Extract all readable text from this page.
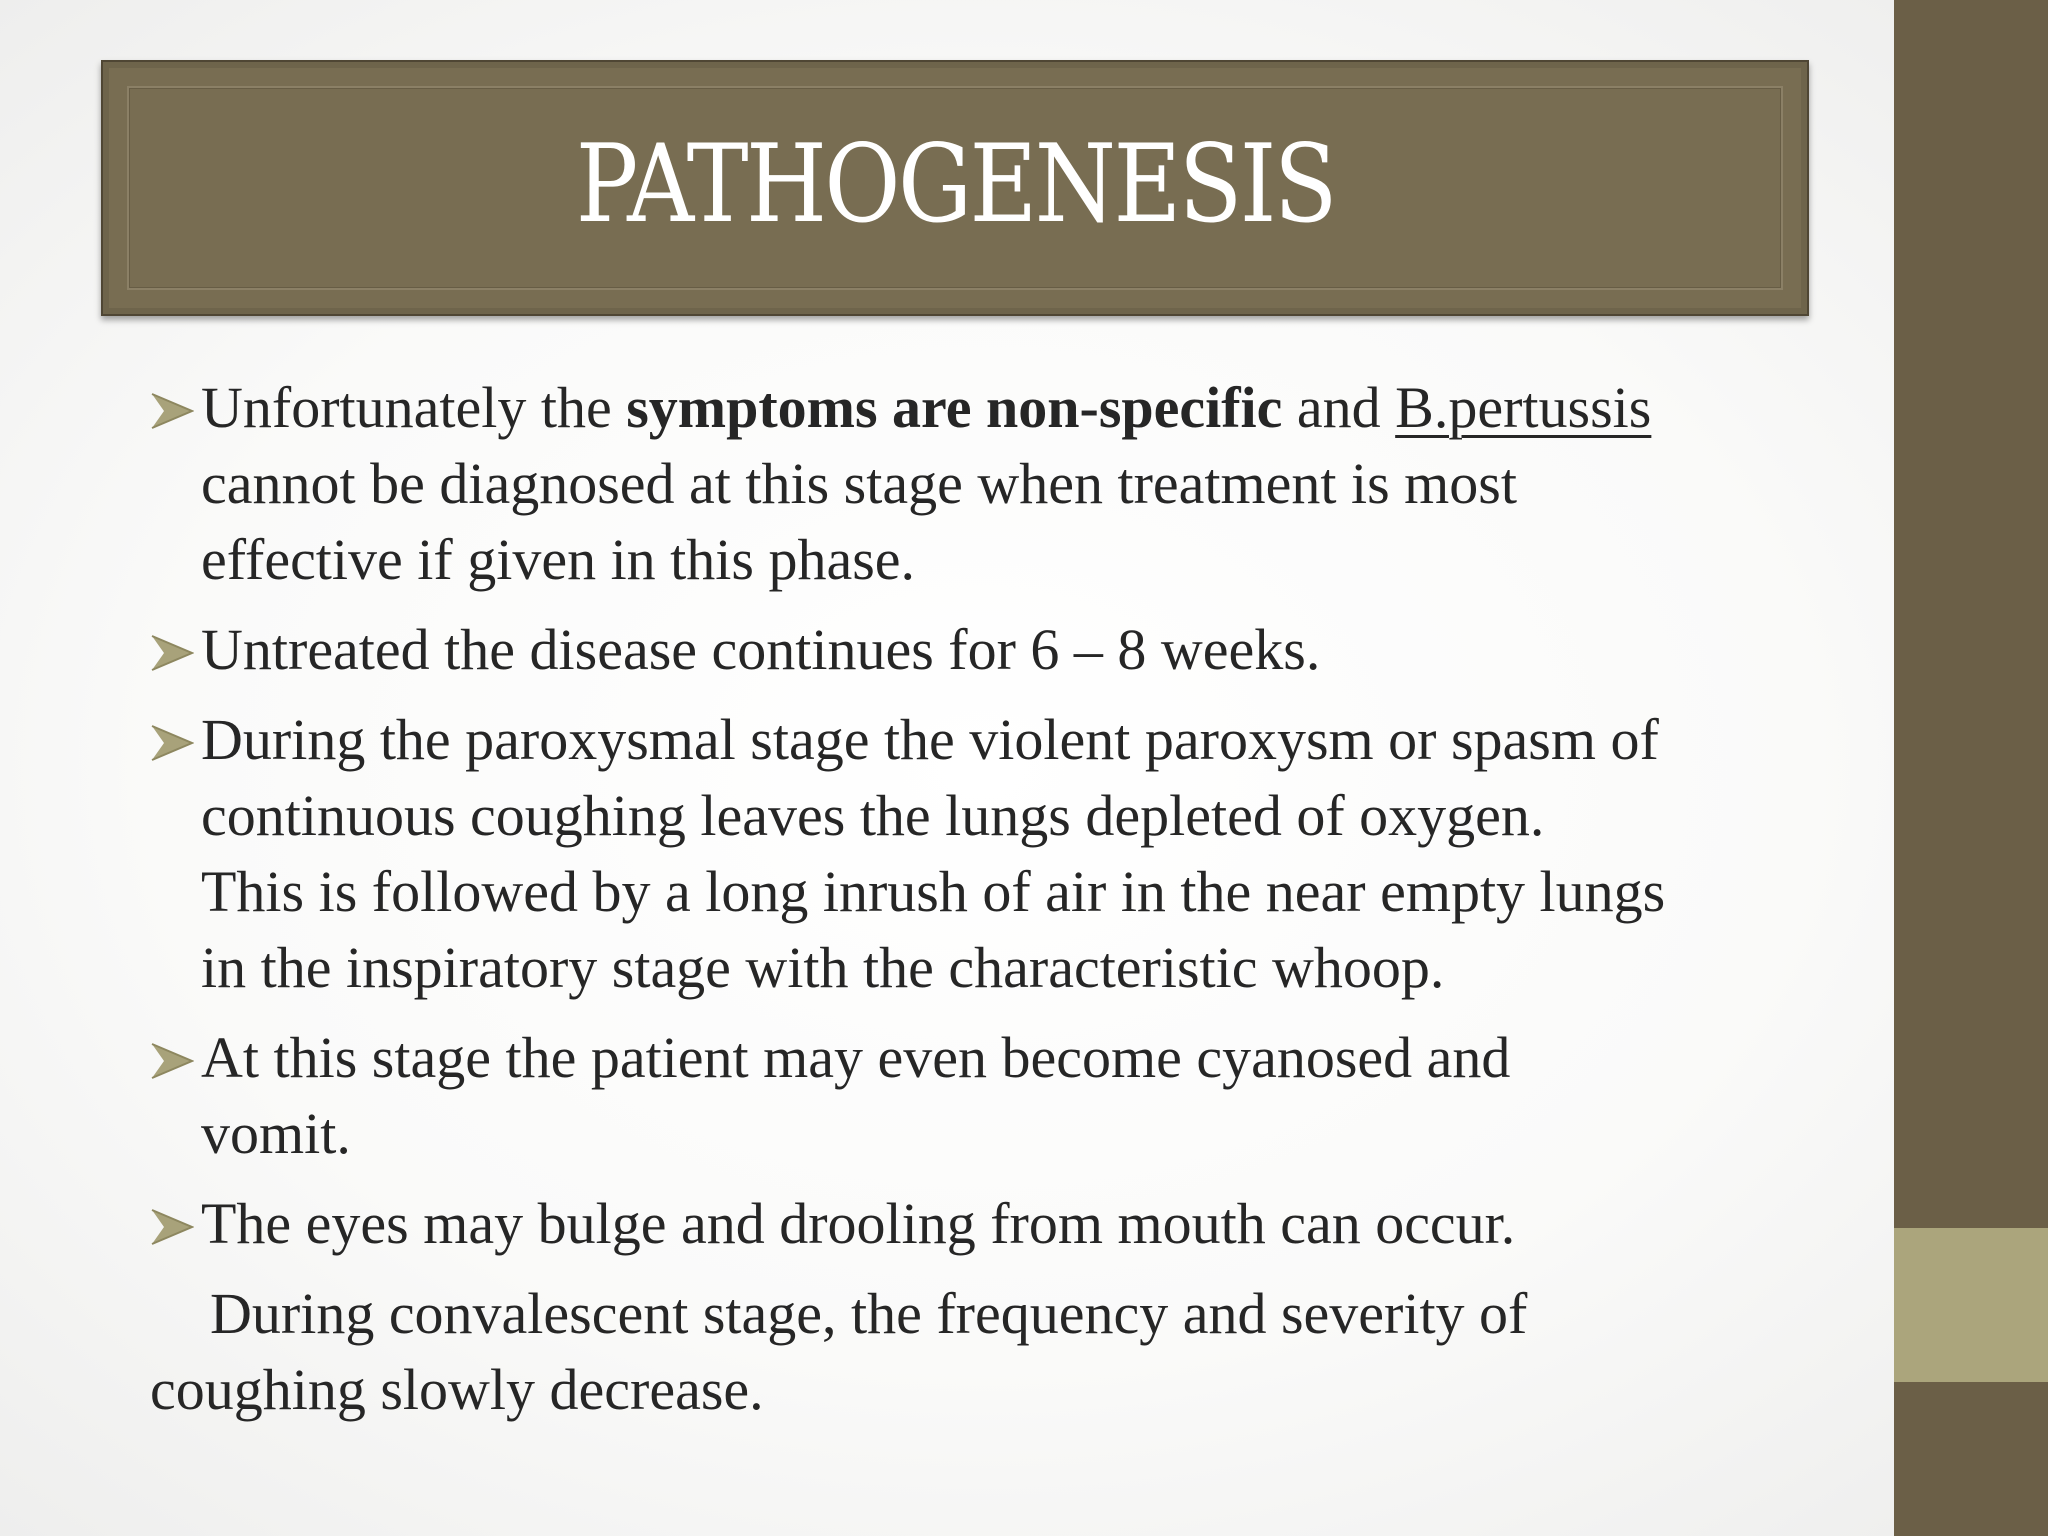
PATHOGENESIS
Unfortunately the symptoms are non-specific and B.pertussis
cannot be diagnosed at this stage when treatment is most
effective if given in this phase.
Untreated the disease continues for 6 – 8 weeks.
During the paroxysmal stage the violent paroxysm or spasm of
continuous coughing leaves the lungs depleted of oxygen.
This is followed by a long inrush of air in the near empty lungs
in the inspiratory stage with the characteristic whoop.
At this stage the patient may even become cyanosed and
vomit.
The eyes may bulge and drooling from mouth can occur.
During convalescent stage, the frequency and severity of
coughing slowly decrease.
